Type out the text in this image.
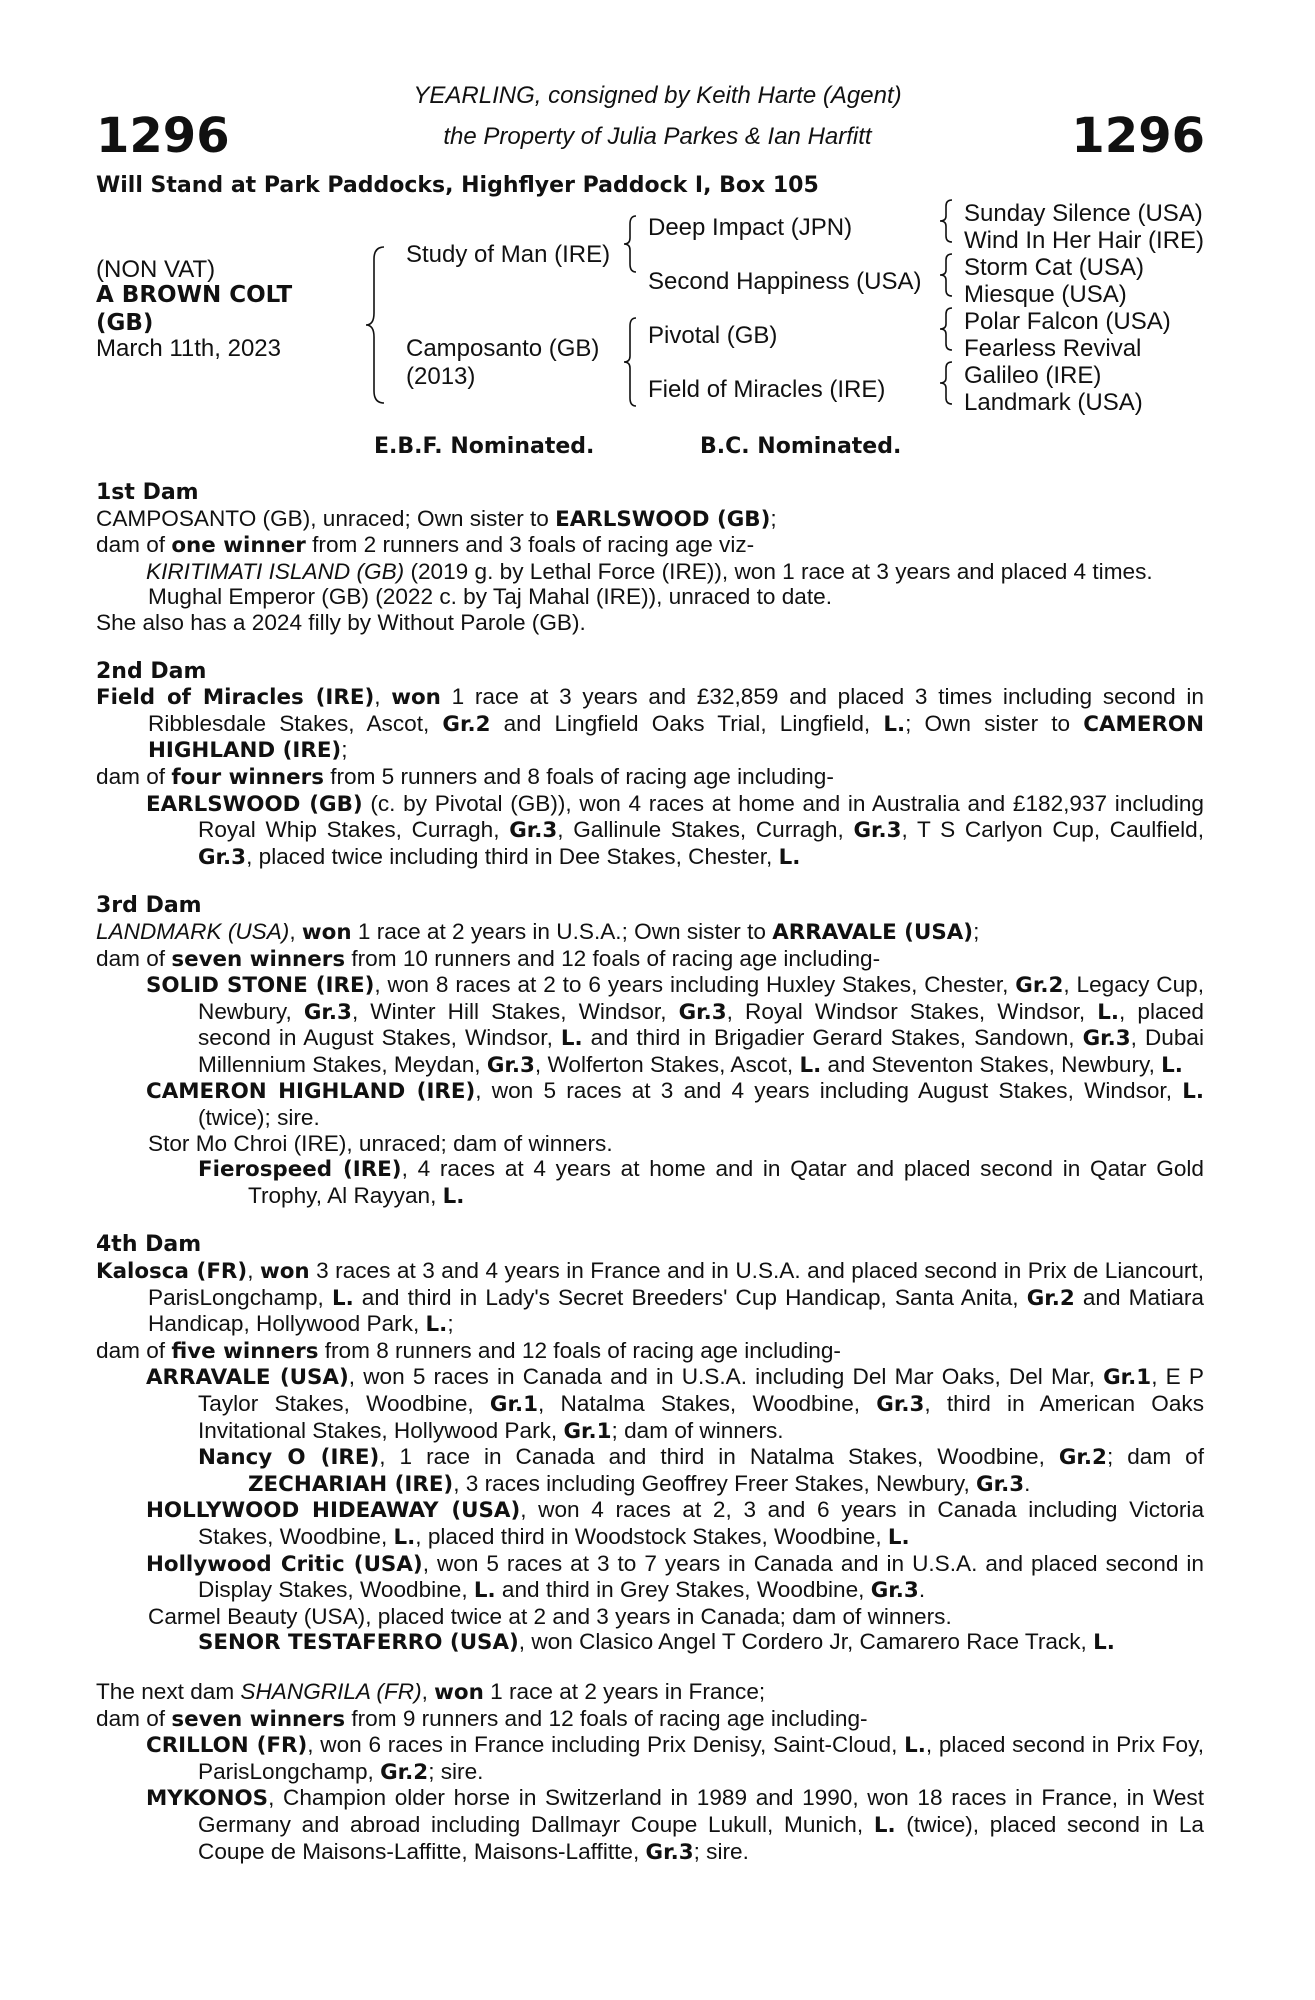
1296	1296
YEARLING, consigned by Keith Harte (Agent)
the Property of Julia Parkes & Ian Harfitt
Will Stand at Park Paddocks, Highflyer Paddock I, Box 105
(NON VAT)
A BROWN COLT
(GB)
March 11th, 2023
Study of Man (IRE)
Camposanto (GB)
(2013)
Deep Impact (JPN)
Second Happiness (USA)
Pivotal (GB)
Field of Miracles (IRE)
Sunday Silence (USA)
Wind In Her Hair (IRE)
Storm Cat (USA)
Miesque (USA)
Polar Falcon (USA)
Fearless Revival
Galileo (IRE)
Landmark (USA)
E.B.F. Nominated.	B.C. Nominated.
1st Dam
CAMPOSANTO (GB), unraced; Own sister to EARLSWOOD (GB);
dam of one winner from 2 runners and 3 foals of racing age viz-
KIRITIMATI ISLAND (GB) (2019 g. by Lethal Force (IRE)), won 1 race at 3 years and placed 4 times.
Mughal Emperor (GB) (2022 c. by Taj Mahal (IRE)), unraced to date.
She also has a 2024 filly by Without Parole (GB).
2nd Dam
Field of Miracles (IRE), won 1 race at 3 years and £32,859 and placed 3 times including second in Ribblesdale Stakes, Ascot, Gr.2 and Lingfield Oaks Trial, Lingfield, L.; Own sister to CAMERON HIGHLAND (IRE);
dam of four winners from 5 runners and 8 foals of racing age including-
EARLSWOOD (GB) (c. by Pivotal (GB)), won 4 races at home and in Australia and £182,937 including Royal Whip Stakes, Curragh, Gr.3, Gallinule Stakes, Curragh, Gr.3, T S Carlyon Cup, Caulfield, Gr.3, placed twice including third in Dee Stakes, Chester, L.
3rd Dam
LANDMARK (USA), won 1 race at 2 years in U.S.A.; Own sister to ARRAVALE (USA);
dam of seven winners from 10 runners and 12 foals of racing age including-
SOLID STONE (IRE), won 8 races at 2 to 6 years including Huxley Stakes, Chester, Gr.2, Legacy Cup, Newbury, Gr.3, Winter Hill Stakes, Windsor, Gr.3, Royal Windsor Stakes, Windsor, L., placed second in August Stakes, Windsor, L. and third in Brigadier Gerard Stakes, Sandown, Gr.3, Dubai Millennium Stakes, Meydan, Gr.3, Wolferton Stakes, Ascot, L. and Steventon Stakes, Newbury, L.
CAMERON HIGHLAND (IRE), won 5 races at 3 and 4 years including August Stakes, Windsor, L. (twice); sire.
Stor Mo Chroi (IRE), unraced; dam of winners.
Fierospeed (IRE), 4 races at 4 years at home and in Qatar and placed second in Qatar Gold Trophy, Al Rayyan, L.
4th Dam
Kalosca (FR), won 3 races at 3 and 4 years in France and in U.S.A. and placed second in Prix de Liancourt, ParisLongchamp, L. and third in Lady's Secret Breeders' Cup Handicap, Santa Anita, Gr.2 and Matiara Handicap, Hollywood Park, L.;
dam of five winners from 8 runners and 12 foals of racing age including-
ARRAVALE (USA), won 5 races in Canada and in U.S.A. including Del Mar Oaks, Del Mar, Gr.1, E P Taylor Stakes, Woodbine, Gr.1, Natalma Stakes, Woodbine, Gr.3, third in American Oaks Invitational Stakes, Hollywood Park, Gr.1; dam of winners.
Nancy O (IRE), 1 race in Canada and third in Natalma Stakes, Woodbine, Gr.2; dam of ZECHARIAH (IRE), 3 races including Geoffrey Freer Stakes, Newbury, Gr.3.
HOLLYWOOD HIDEAWAY (USA), won 4 races at 2, 3 and 6 years in Canada including Victoria Stakes, Woodbine, L., placed third in Woodstock Stakes, Woodbine, L.
Hollywood Critic (USA), won 5 races at 3 to 7 years in Canada and in U.S.A. and placed second in Display Stakes, Woodbine, L. and third in Grey Stakes, Woodbine, Gr.3.
Carmel Beauty (USA), placed twice at 2 and 3 years in Canada; dam of winners.
SENOR TESTAFERRO (USA), won Clasico Angel T Cordero Jr, Camarero Race Track, L.
The next dam SHANGRILA (FR), won 1 race at 2 years in France;
dam of seven winners from 9 runners and 12 foals of racing age including-
CRILLON (FR), won 6 races in France including Prix Denisy, Saint-Cloud, L., placed second in Prix Foy, ParisLongchamp, Gr.2; sire.
MYKONOS, Champion older horse in Switzerland in 1989 and 1990, won 18 races in France, in West Germany and abroad including Dallmayr Coupe Lukull, Munich, L. (twice), placed second in La Coupe de Maisons-Laffitte, Maisons-Laffitte, Gr.3; sire.
